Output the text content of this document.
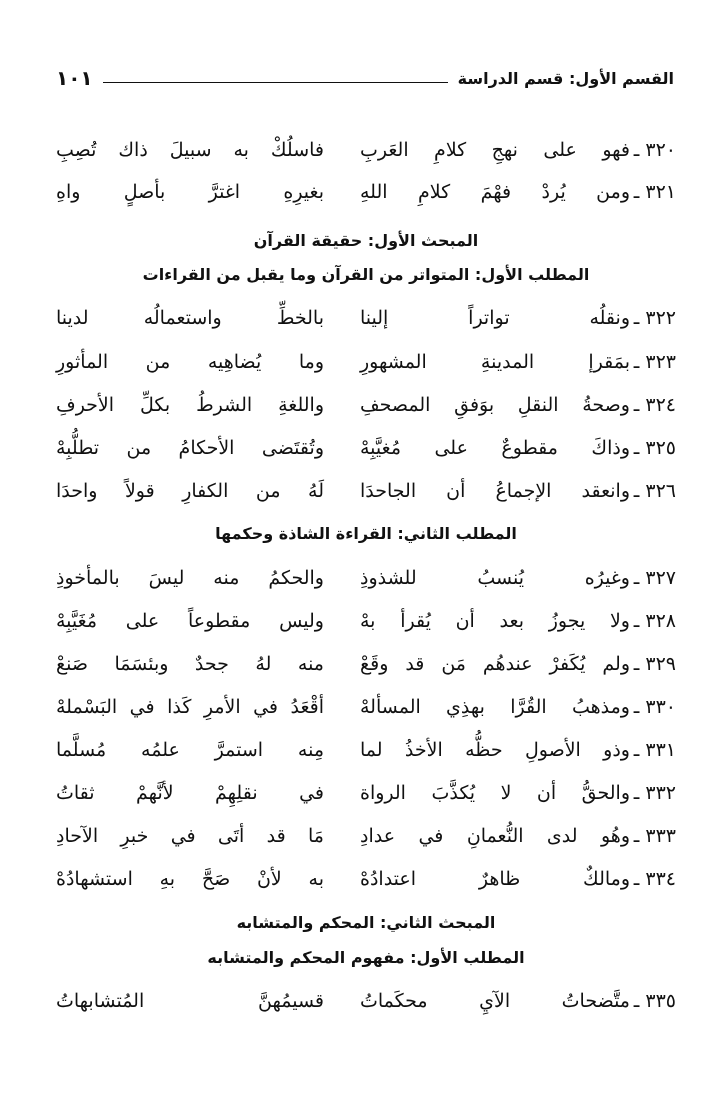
القسم الأول: قسم الدراسة
١٠١
٣٢٠ ـ
فهو على نهجِ كلامِ العَربِ
فاسلُكْ به سبيلَ ذاك تُصِبِ
٣٢١ ـ
ومن يُردْ فهْمَ كلامِ اللهِ
بغيرِهِ اغترَّ بأصلٍ واهِ
المبحث الأول: حقيقة القرآن
المطلب الأول: المتواتر من القرآن وما يقبل من القراءات
٣٢٢ ـ
ونقلُه تواتراً إلينا
بالخطِّ واستعمالُه لدينا
٣٢٣ ـ
بمَقرإ المدينةِ المشهورِ
وما يُضاهِيه من المأثورِ
٣٢٤ ـ
وصحةُ النقلِ بوَفقِ المصحفِ
واللغةِ الشرطُ بكلِّ الأحرفِ
٣٢٥ ـ
وذاكَ مقطوعٌ على مُغيَّبِهْ
وتُقتَضى الأحكامُ من تطلُّبِهْ
٣٢٦ ـ
وانعقد الإجماعُ أن الجاحدَا
لَهُ من الكفارِ قولاً واحدَا
المطلب الثاني: القراءة الشاذة وحكمها
٣٢٧ ـ
وغيرُه يُنسبُ للشذوذِ
والحكمُ منه ليسَ بالمأخوذِ
٣٢٨ ـ
ولا يجوزُ بعد أن يُقرأ بهْ
وليس مقطوعاً على مُغَيَّبِهْ
٣٢٩ ـ
ولم يُكَفرْ عندهُم مَن قد وقَعْ
منه لهُ جحدٌ وبئسَمَا صَنعْ
٣٣٠ ـ
ومذهبُ القُرَّا بهذِي المسألهْ
أقْعَدُ في الأمرِ كَذا في البَسْملهْ
٣٣١ ـ
وذو الأصولِ حظُّه الأخذُ لما
مِنه استمرَّ علمُه مُسلَّما
٣٣٢ ـ
والحقُّ أن لا يُكذَّبَ الرواة
في نقلِهِمْ لأنَّهمْ ثقاتُ
٣٣٣ ـ
وهُو لدى النُّعمانِ في عدادِ
مَا قد أتَى في خبرِ الآحادِ
٣٣٤ ـ
ومالكٌ ظاهرٌ اعتدادُهْ
به لأنْ صَحَّ بهِ استشهادُهْ
المبحث الثاني: المحكم والمتشابه
المطلب الأول: مفهوم المحكم والمتشابه
٣٣٥ ـ
متَّضحاتُ الآيِ محكَماتُ
قسيمُهنَّ المُتشابهاتُ
